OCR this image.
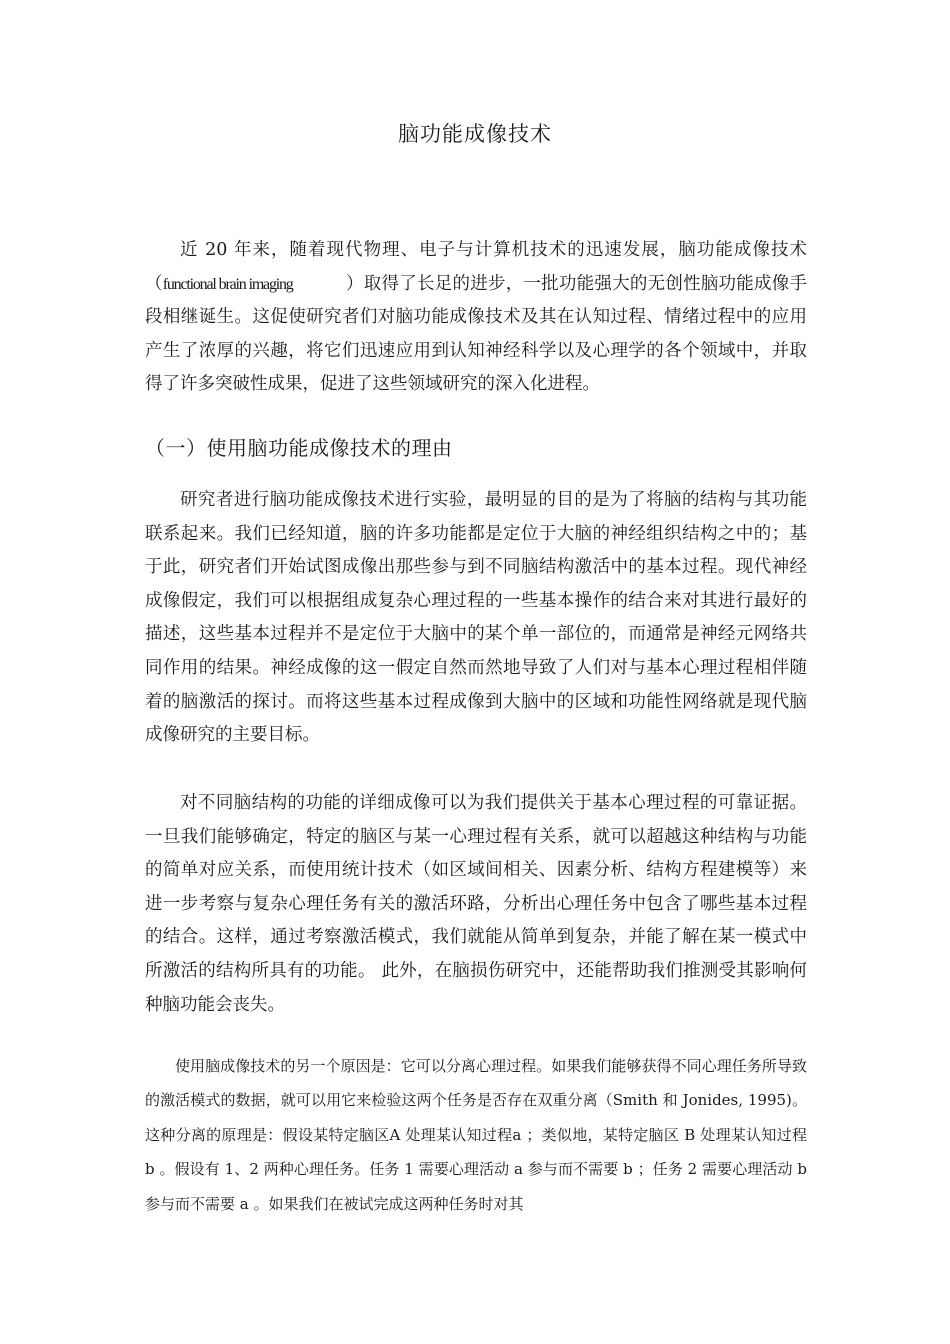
脑功能成像技术

近 20 年来，随着现代物理、电子与计算机技术的迅速发展，脑功能成像技术（functional brain imaging　　　）取得了长足的进步，一批功能强大的无创性脑功能成像手段相继诞生。这促使研究者们对脑功能成像技术及其在认知过程、情绪过程中的应用产生了浓厚的兴趣，将它们迅速应用到认知神经科学以及心理学的各个领域中，并取得了许多突破性成果，促进了这些领域研究的深入化进程。

（一）使用脑功能成像技术的理由

研究者进行脑功能成像技术进行实验，最明显的目的是为了将脑的结构与其功能联系起来。我们已经知道，脑的许多功能都是定位于大脑的神经组织结构之中的；基于此，研究者们开始试图成像出那些参与到不同脑结构激活中的基本过程。现代神经成像假定，我们可以根据组成复杂心理过程的一些基本操作的结合来对其进行最好的描述，这些基本过程并不是定位于大脑中的某个单一部位的，而通常是神经元网络共同作用的结果。神经成像的这一假定自然而然地导致了人们对与基本心理过程相伴随着的脑激活的探讨。而将这些基本过程成像到大脑中的区域和功能性网络就是现代脑成像研究的主要目标。

对不同脑结构的功能的详细成像可以为我们提供关于基本心理过程的可靠证据。一旦我们能够确定，特定的脑区与某一心理过程有关系，就可以超越这种结构与功能的简单对应关系，而使用统计技术（如区域间相关、因素分析、结构方程建模等）来进一步考察与复杂心理任务有关的激活环路，分析出心理任务中包含了哪些基本过程的结合。这样，通过考察激活模式，我们就能从简单到复杂，并能了解在某一模式中所激活的结构所具有的功能。 此外，在脑损伤研究中，还能帮助我们推测受其影响何种脑功能会丧失。

使用脑成像技术的另一个原因是：它可以分离心理过程。如果我们能够获得不同心理任务所导致的激活模式的数据，就可以用它来检验这两个任务是否存在双重分离（Smith 和 Jonides, 1995)。这种分离的原理是：假设某特定脑区A 处理某认知过程a ；类似地，某特定脑区 B 处理某认知过程 b 。假设有 1、2 两种心理任务。任务 1 需要心理活动 a 参与而不需要 b ；任务 2 需要心理活动 b 参与而不需要 a 。如果我们在被试完成这两种任务时对其
